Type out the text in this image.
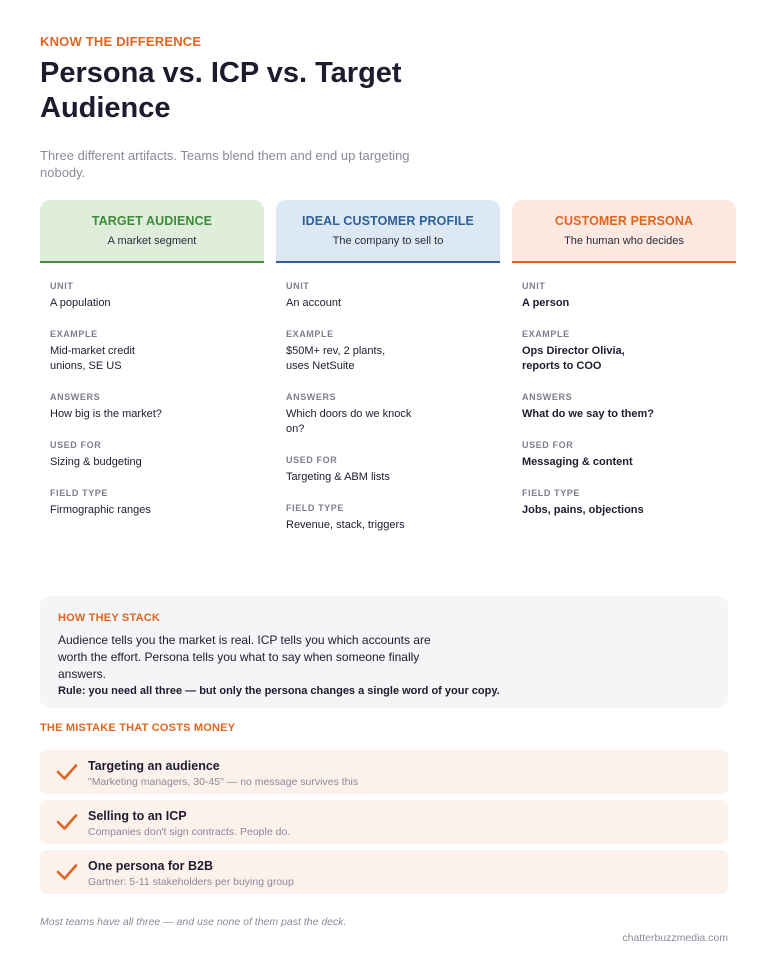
KNOW THE DIFFERENCE
Persona vs. ICP vs. Target Audience

Three different artifacts. Teams blend them and end up targeting nobody.

TARGET AUDIENCE
A market segment
UNIT
A population
EXAMPLE
Mid-market credit
unions, SE US
ANSWERS
How big is the market?
USED FOR
Sizing & budgeting
FIELD TYPE
Firmographic ranges
IDEAL CUSTOMER PROFILE
The company to sell to
UNIT
An account
EXAMPLE
$50M+ rev, 2 plants,
uses NetSuite
ANSWERS
Which doors do we knock
on?
USED FOR
Targeting & ABM lists
FIELD TYPE
Revenue, stack, triggers
CUSTOMER PERSONA
The human who decides
UNIT
A person
EXAMPLE
Ops Director Olivia,
reports to COO
ANSWERS
What do we say to them?
USED FOR
Messaging & content
FIELD TYPE
Jobs, pains, objections
HOW THEY STACK

Audience tells you the market is real. ICP tells you which accounts are worth the effort. Persona tells you what to say when someone finally answers.

Rule: you need all three — but only the persona changes a single word of your copy.

THE MISTAKE THAT COSTS MONEY
Targeting an audience
"Marketing managers, 30-45" — no message survives this
Selling to an ICP
Companies don't sign contracts. People do.
One persona for B2B
Gartner: 5-11 stakeholders per buying group

Most teams have all three — and use none of them past the deck.

chatterbuzzmedia.com
